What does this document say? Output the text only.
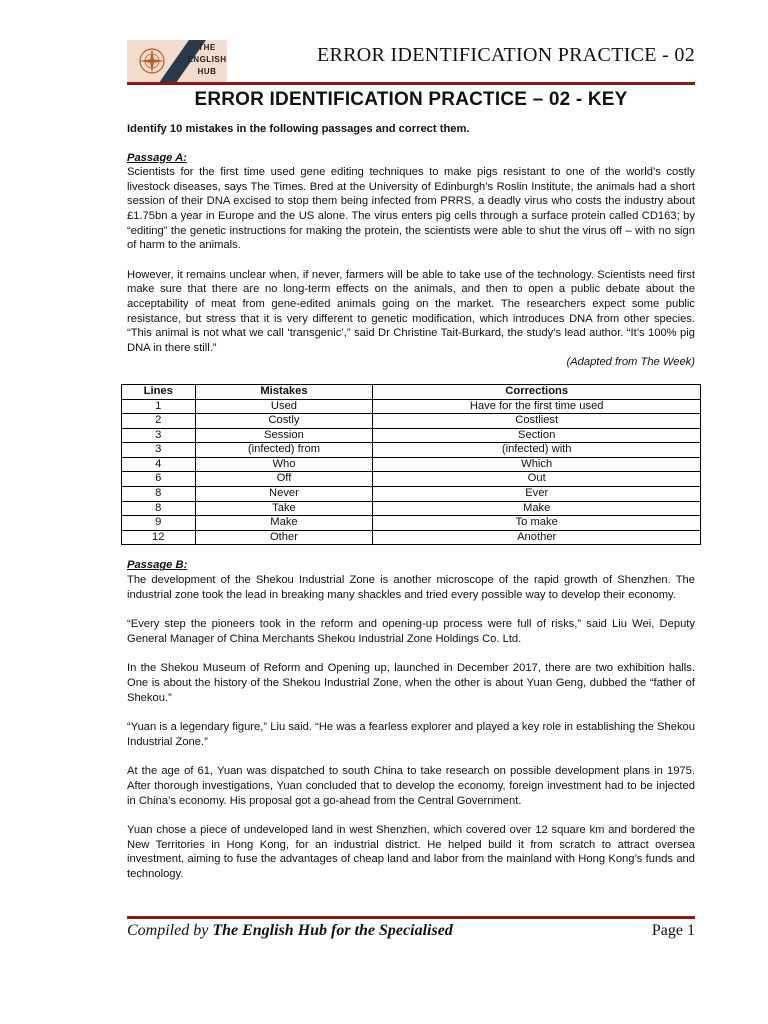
THE
ENGLISH
HUB
ERROR IDENTIFICATION PRACTICE - 02
ERROR IDENTIFICATION PRACTICE – 02 - KEY

Identify 10 mistakes in the following passages and correct them.

Passage A:

Scientists for the first time used gene editing techniques to make pigs resistant to one of the world’s costly livestock diseases, says The Times. Bred at the University of Edinburgh’s Roslin Institute, the animals had a short session of their DNA excised to stop them being infected from PRRS, a deadly virus who costs the industry about £1.75bn a year in Europe and the US alone. The virus enters pig cells through a surface protein called CD163; by “editing” the genetic instructions for making the protein, the scientists were able to shut the virus off – with no sign of harm to the animals.

However, it remains unclear when, if never, farmers will be able to take use of the technology. Scientists need first make sure that there are no long-term effects on the animals, and then to open a public debate about the acceptability of meat from gene-edited animals going on the market. The researchers expect some public resistance, but stress that it is very different to genetic modification, which introduces DNA from other species. “This animal is not what we call ‘transgenic’,” said Dr Christine Tait-Burkard, the study’s lead author. “It’s 100% pig DNA in there still.”

(Adapted from The Week)

Lines	Mistakes	Corrections
1	Used	Have for the first time used
2	Costly	Costliest
3	Session	Section
3	(infected) from	(infected) with
4	Who	Which
6	Off	Out
8	Never	Ever
8	Take	Make
9	Make	To make
12	Other	Another

Passage B:

The development of the Shekou Industrial Zone is another microscope of the rapid growth of Shenzhen. The industrial zone took the lead in breaking many shackles and tried every possible way to develop their economy.

“Every step the pioneers took in the reform and opening-up process were full of risks,” said Liu Wei, Deputy General Manager of China Merchants Shekou Industrial Zone Holdings Co. Ltd.

In the Shekou Museum of Reform and Opening up, launched in December 2017, there are two exhibition halls. One is about the history of the Shekou Industrial Zone, when the other is about Yuan Geng, dubbed the “father of Shekou.”

“Yuan is a legendary figure,” Liu said. “He was a fearless explorer and played a key role in establishing the Shekou Industrial Zone.”

At the age of 61, Yuan was dispatched to south China to take research on possible development plans in 1975. After thorough investigations, Yuan concluded that to develop the economy, foreign investment had to be injected in China’s economy. His proposal got a go-ahead from the Central Government.

Yuan chose a piece of undeveloped land in west Shenzhen, which covered over 12 square km and bordered the New Territories in Hong Kong, for an industrial district. He helped build it from scratch to attract oversea investment, aiming to fuse the advantages of cheap land and labor from the mainland with Hong Kong’s funds and technology.

Compiled by The English Hub for the Specialised	Page 1
